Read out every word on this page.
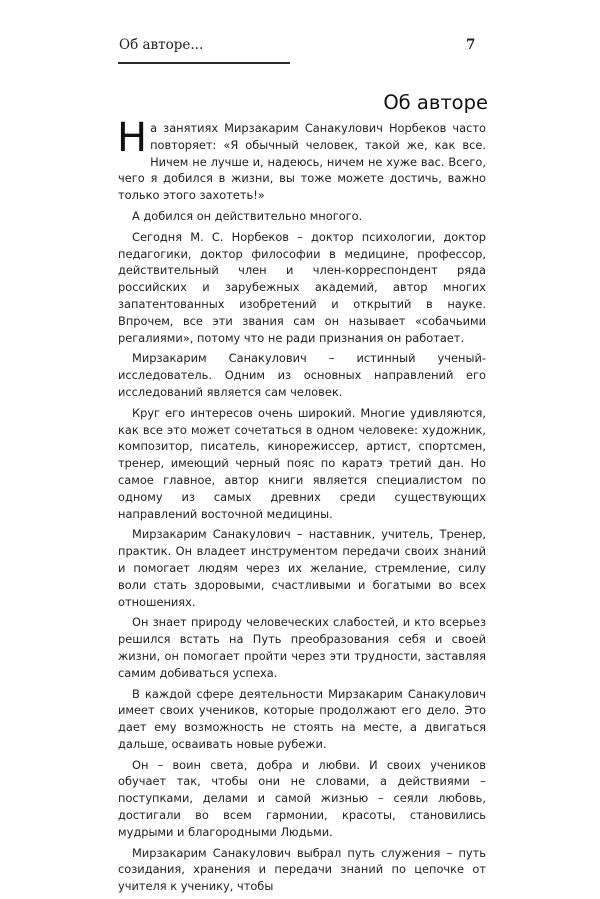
Об авторе...	7
Об авторе

На занятиях Мирзакарим Санакулович Норбеков часто повторяет: «Я обычный человек, такой же, как все. Ничем не лучше и, надеюсь, ничем не хуже вас. Всего, чего я добился в жизни, вы тоже можете достичь, важно только этого захотеть!»

А добился он действительно многого.

Сегодня М. С. Норбеков – доктор психологии, доктор педагогики, доктор философии в медицине, профессор, действительный член и член-корреспондент ряда российских и зарубежных академий, автор многих запатентованных изобретений и открытий в науке. Впрочем, все эти звания сам он называет «собачьими регалиями», потому что не ради признания он работает.

Мирзакарим Санакулович – истинный ученый-исследователь. Одним из основных направлений его исследований является сам человек.

Круг его интересов очень широкий. Многие удивляются, как все это может сочетаться в одном человеке: художник, композитор, писатель, кинорежиссер, артист, спортсмен, тренер, имеющий черный пояс по каратэ третий дан. Но самое главное, автор книги является специалистом по одному из самых древних среди существующих направлений восточной медицины.

Мирзакарим Санакулович – наставник, учитель, Тренер, практик. Он владеет инструментом передачи своих знаний и помогает людям через их желание, стремление, силу воли стать здоровыми, счастливыми и богатыми во всех отношениях.

Он знает природу человеческих слабостей, и кто всерьез решился встать на Путь преобразования себя и своей жизни, он помогает пройти через эти трудности, заставляя самим добиваться успеха.

В каждой сфере деятельности Мирзакарим Санакулович имеет своих учеников, которые продолжают его дело. Это дает ему возможность не стоять на месте, а двигаться дальше, осваивать новые рубежи.

Он – воин света, добра и любви. И своих учеников обучает так, чтобы они не словами, а действиями – поступками, делами и самой жизнью – сеяли любовь, достигали во всем гармонии, красоты, становились мудрыми и благородными Людьми.

Мирзакарим Санакулович выбрал путь служения – путь созидания, хранения и передачи знаний по цепочке от учителя к ученику, чтобы
